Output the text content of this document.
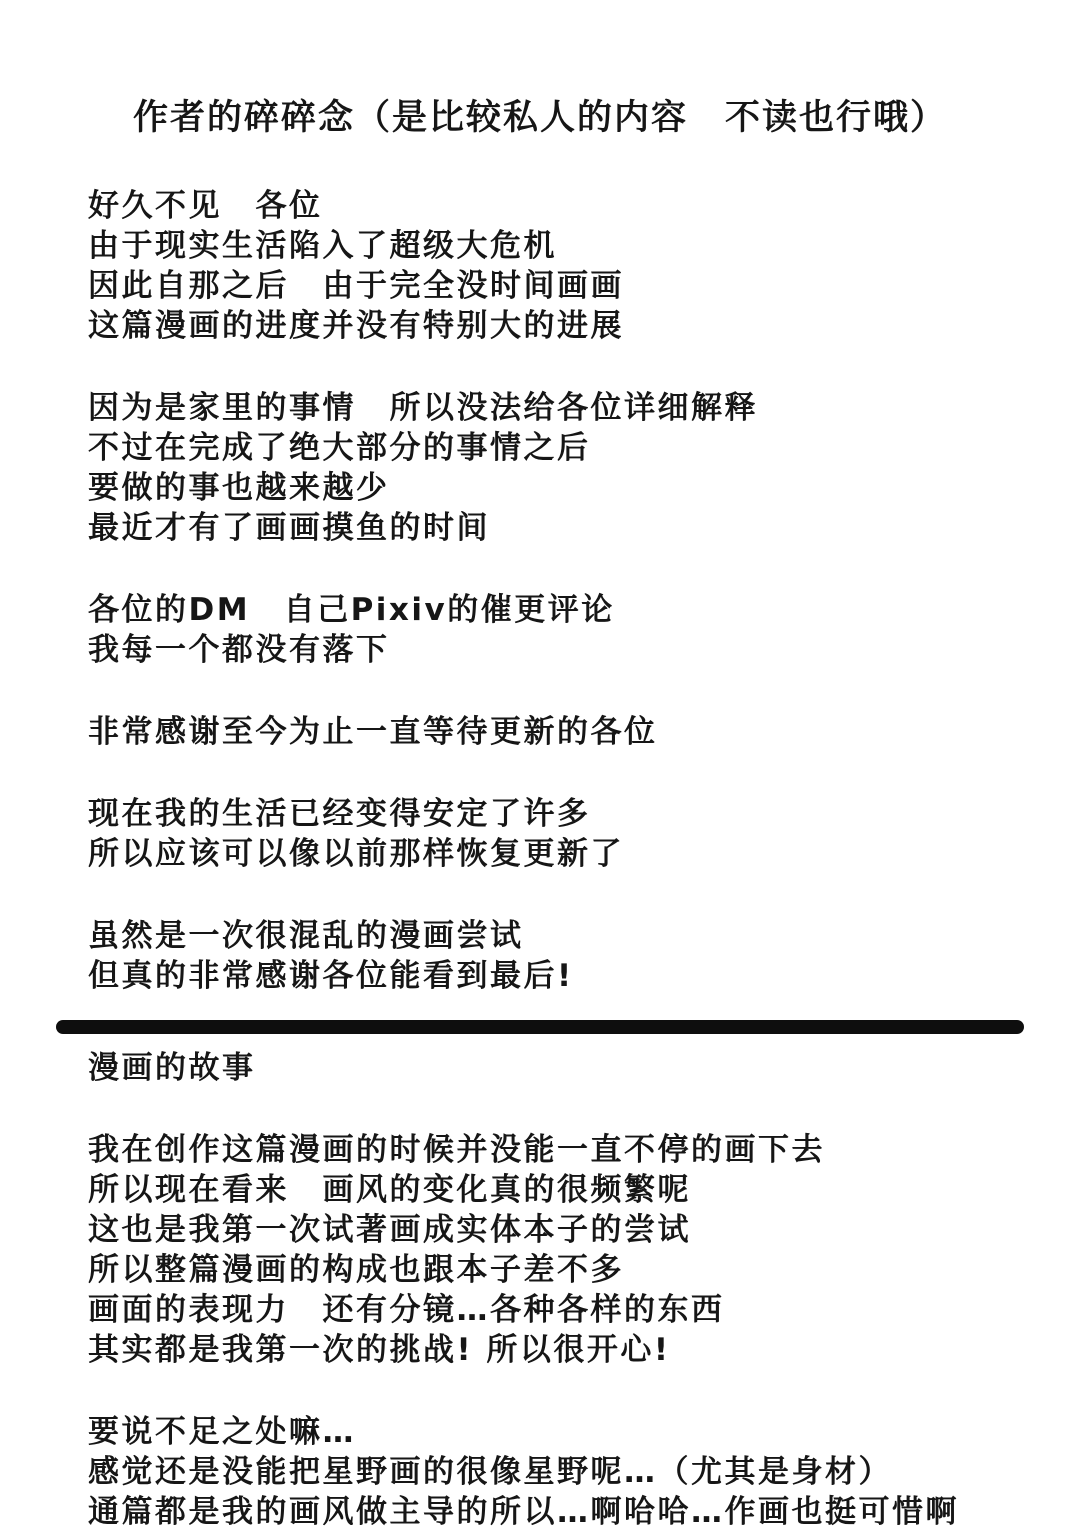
作者的碎碎念（是比较私人的内容　不读也行哦）
好久不见　各位
由于现实生活陷入了超级大危机
因此自那之后　由于完全没时间画画
这篇漫画的进度并没有特别大的进展
因为是家里的事情　所以没法给各位详细解释
不过在完成了绝大部分的事情之后
要做的事也越来越少
最近才有了画画摸鱼的时间
各位的DM　自己Pixiv的催更评论
我每一个都没有落下
非常感谢至今为止一直等待更新的各位
现在我的生活已经变得安定了许多
所以应该可以像以前那样恢复更新了
虽然是一次很混乱的漫画尝试
但真的非常感谢各位能看到最后!
漫画的故事
我在创作这篇漫画的时候并没能一直不停的画下去
所以现在看来　画风的变化真的很频繁呢
这也是我第一次试著画成实体本子的尝试
所以整篇漫画的构成也跟本子差不多
画面的表现力　还有分镜…各种各样的东西
其实都是我第一次的挑战! 所以很开心!
要说不足之处嘛…
感觉还是没能把星野画的很像星野呢…（尤其是身材）
通篇都是我的画风做主导的所以…啊哈哈…作画也挺可惜啊
